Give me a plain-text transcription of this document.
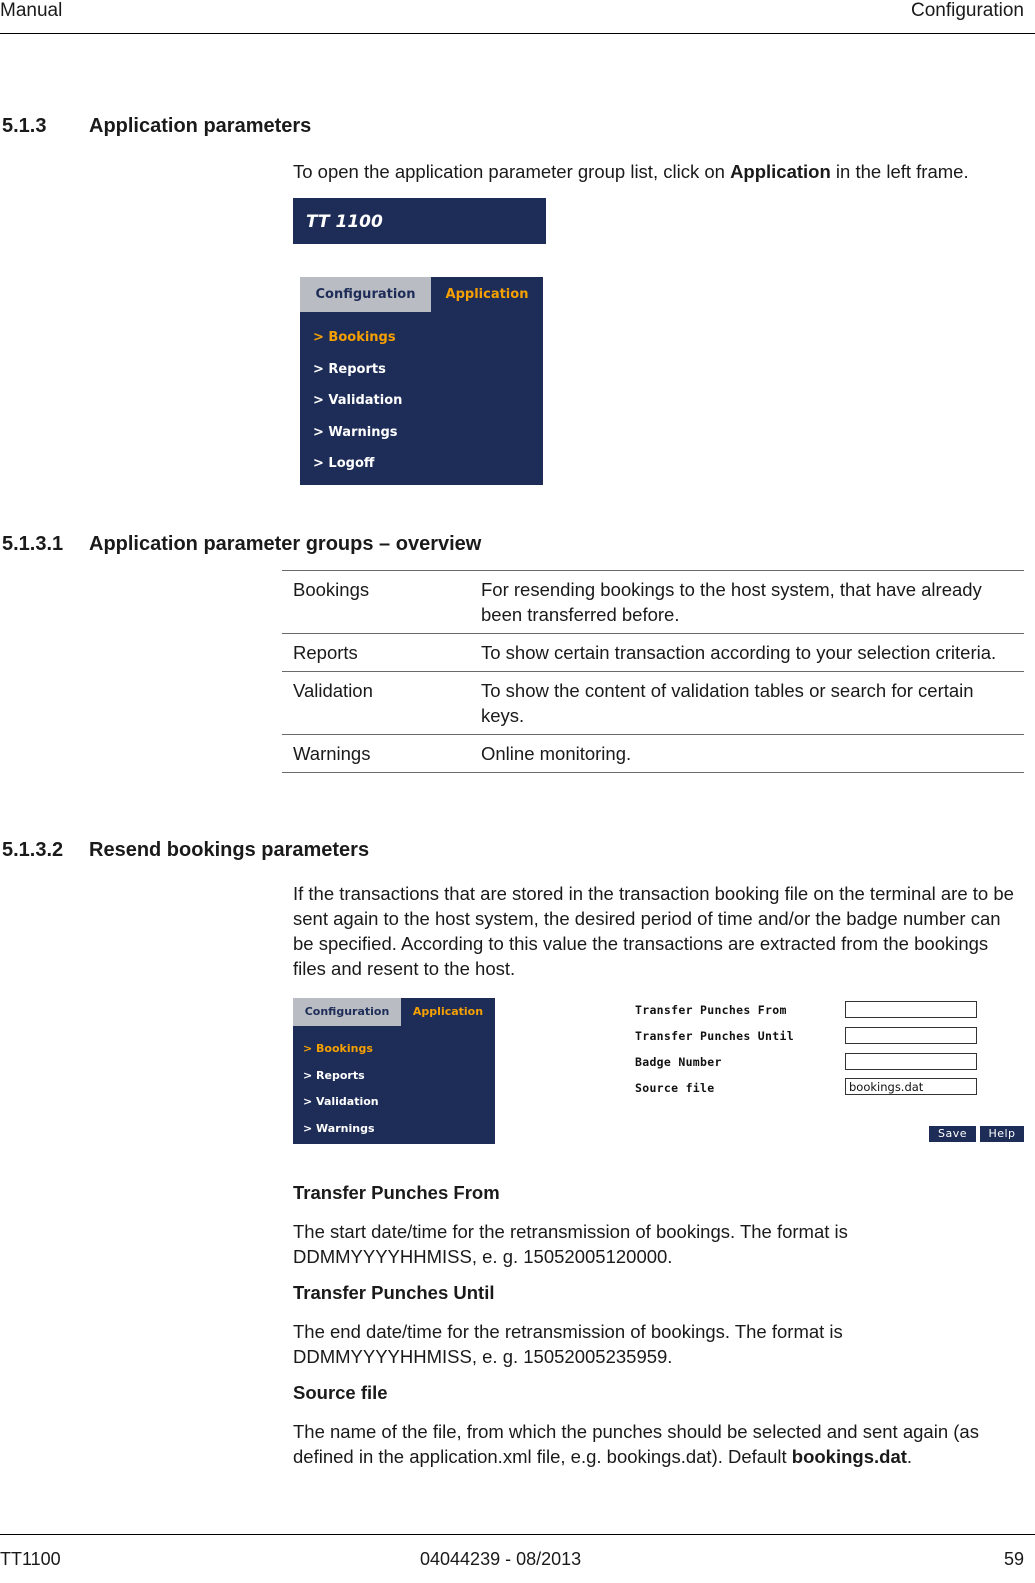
Manual	Configuration
5.1.3 Application parameters
To open the application parameter group list, click on Application in the left frame.
TT 1100
Configuration	Application
> Bookings
> Reports
> Validation
> Warnings
> Logoff
5.1.3.1 Application parameter groups – overview
Bookings	For resending bookings to the host system, that have already been transferred before.
Reports	To show certain transaction according to your selection criteria.
Validation	To show the content of validation tables or search for certain keys.
Warnings	Online monitoring.
5.1.3.2 Resend bookings parameters
If the transactions that are stored in the transaction booking file on the terminal are to be sent again to the host system, the desired period of time and/or the badge number can be specified. According to this value the transactions are extracted from the bookings files and resent to the host.
Configuration	Application
> Bookings
> Reports
> Validation
> Warnings
Transfer Punches From
Transfer Punches Until
Badge Number
Source file	bookings.dat
Save	Help
Transfer Punches From
The start date/time for the retransmission of bookings. The format is DDMMYYYYHHMISS, e. g. 15052005120000.
Transfer Punches Until
The end date/time for the retransmission of bookings. The format is DDMMYYYYHHMISS, e. g. 15052005235959.
Source file
The name of the file, from which the punches should be selected and sent again (as defined in the application.xml file, e.g. bookings.dat). Default bookings.dat.
TT1100	04044239 - 08/2013	59
